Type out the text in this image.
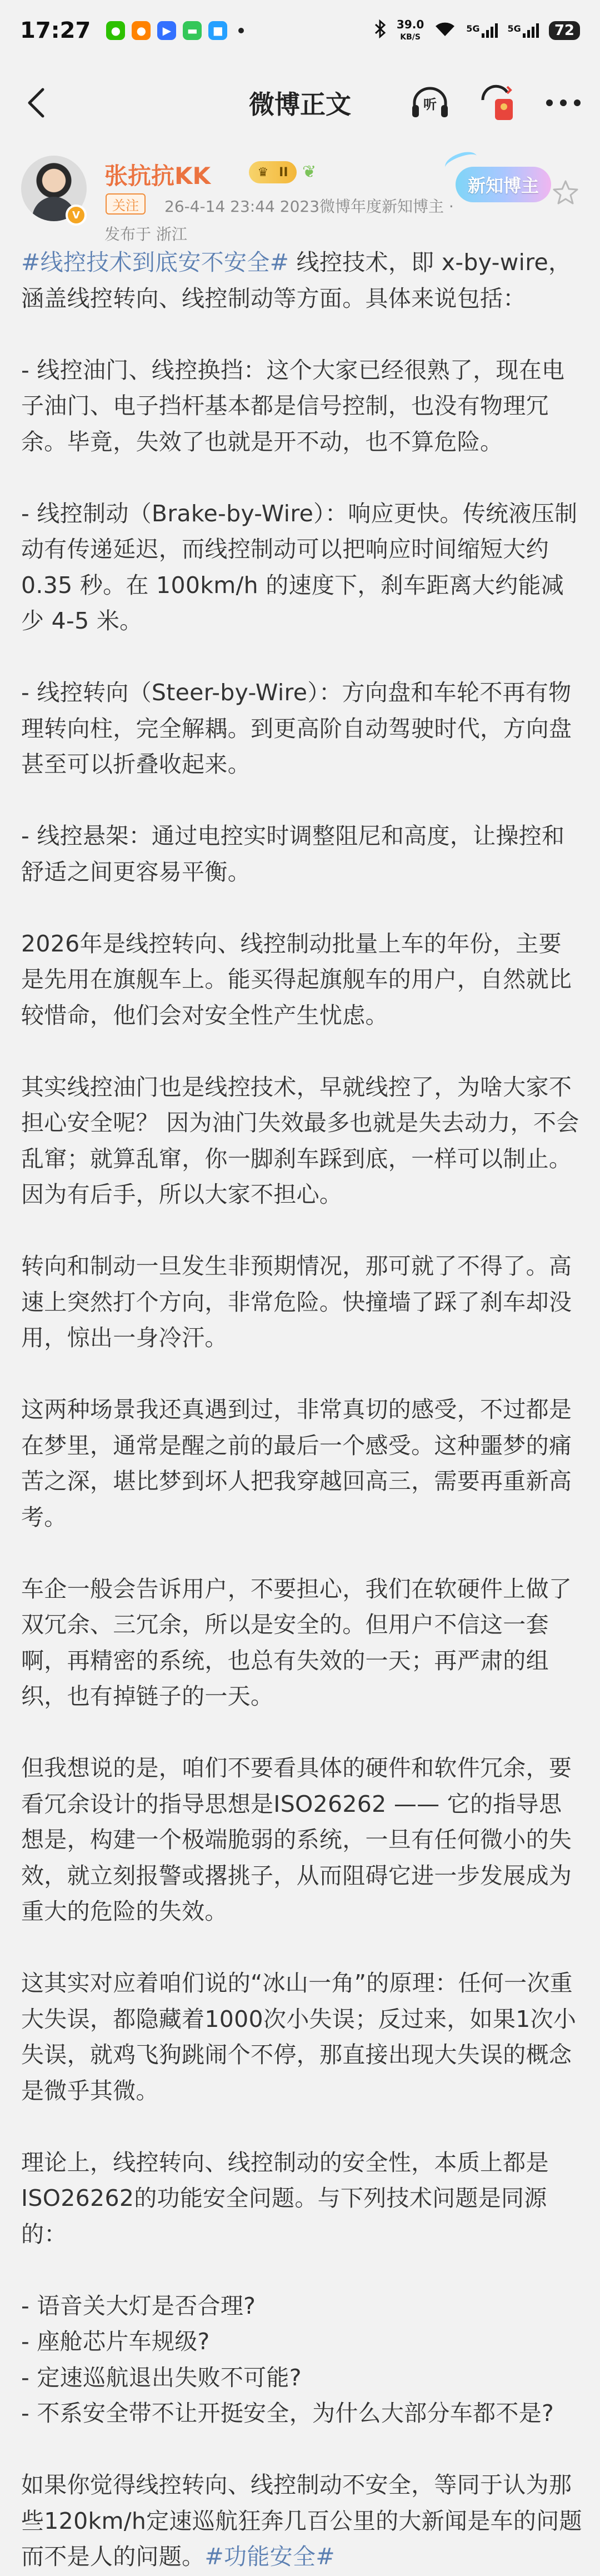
17:27	●	●	▶	▬	■	39.0
KB/S
5G	5G	72
微博正文	听
V
张抗抗KK	♛ II ❦
关注	26-4-14 23:44 2023微博年度新知博主 ·
发布于 浙江
新知博主

#线控技术到底安不安全# 线控技术，即 x-by-wire，涵盖线控转向、线控制动等方面。具体来说包括：

- 线控油门、线控换挡：这个大家已经很熟了，现在电子油门、电子挡杆基本都是信号控制，也没有物理冗余。毕竟，失效了也就是开不动，也不算危险。

- 线控制动（Brake-by-Wire）：响应更快。传统液压制动有传递延迟，而线控制动可以把响应时间缩短大约 0.35 秒。在 100km/h 的速度下，刹车距离大约能减少 4-5 米。

- 线控转向（Steer-by-Wire）：方向盘和车轮不再有物理转向柱，完全解耦。到更高阶自动驾驶时代，方向盘甚至可以折叠收起来。

- 线控悬架：通过电控实时调整阻尼和高度，让操控和舒适之间更容易平衡。

2026年是线控转向、线控制动批量上车的年份，主要是先用在旗舰车上。能买得起旗舰车的用户，自然就比较惜命，他们会对安全性产生忧虑。

其实线控油门也是线控技术，早就线控了，为啥大家不担心安全呢？ 因为油门失效最多也就是失去动力，不会乱窜；就算乱窜，你一脚刹车踩到底，一样可以制止。因为有后手，所以大家不担心。

转向和制动一旦发生非预期情况，那可就了不得了。高速上突然打个方向，非常危险。快撞墙了踩了刹车却没用，惊出一身冷汗。

这两种场景我还真遇到过，非常真切的感受，不过都是在梦里，通常是醒之前的最后一个感受。这种噩梦的痛苦之深，堪比梦到坏人把我穿越回高三，需要再重新高考。

车企一般会告诉用户，不要担心，我们在软硬件上做了双冗余、三冗余，所以是安全的。但用户不信这一套啊，再精密的系统，也总有失效的一天；再严肃的组织，也有掉链子的一天。

但我想说的是，咱们不要看具体的硬件和软件冗余，要看冗余设计的指导思想是ISO26262 —— 它的指导思想是，构建一个极端脆弱的系统，一旦有任何微小的失效，就立刻报警或撂挑子，从而阻碍它进一步发展成为重大的危险的失效。

这其实对应着咱们说的“冰山一角”的原理：任何一次重大失误，都隐藏着1000次小失误；反过来，如果1次小失误，就鸡飞狗跳闹个不停，那直接出现大失误的概念是微乎其微。

理论上，线控转向、线控制动的安全性，本质上都是ISO26262的功能安全问题。与下列技术问题是同源的：

- 语音关大灯是否合理?

- 座舱芯片车规级?

- 定速巡航退出失败不可能?

- 不系安全带不让开挺安全，为什么大部分车都不是?

如果你觉得线控转向、线控制动不安全，等同于认为那些120km/h定速巡航狂奔几百公里的大新闻是车的问题而不是人的问题。#功能安全#
